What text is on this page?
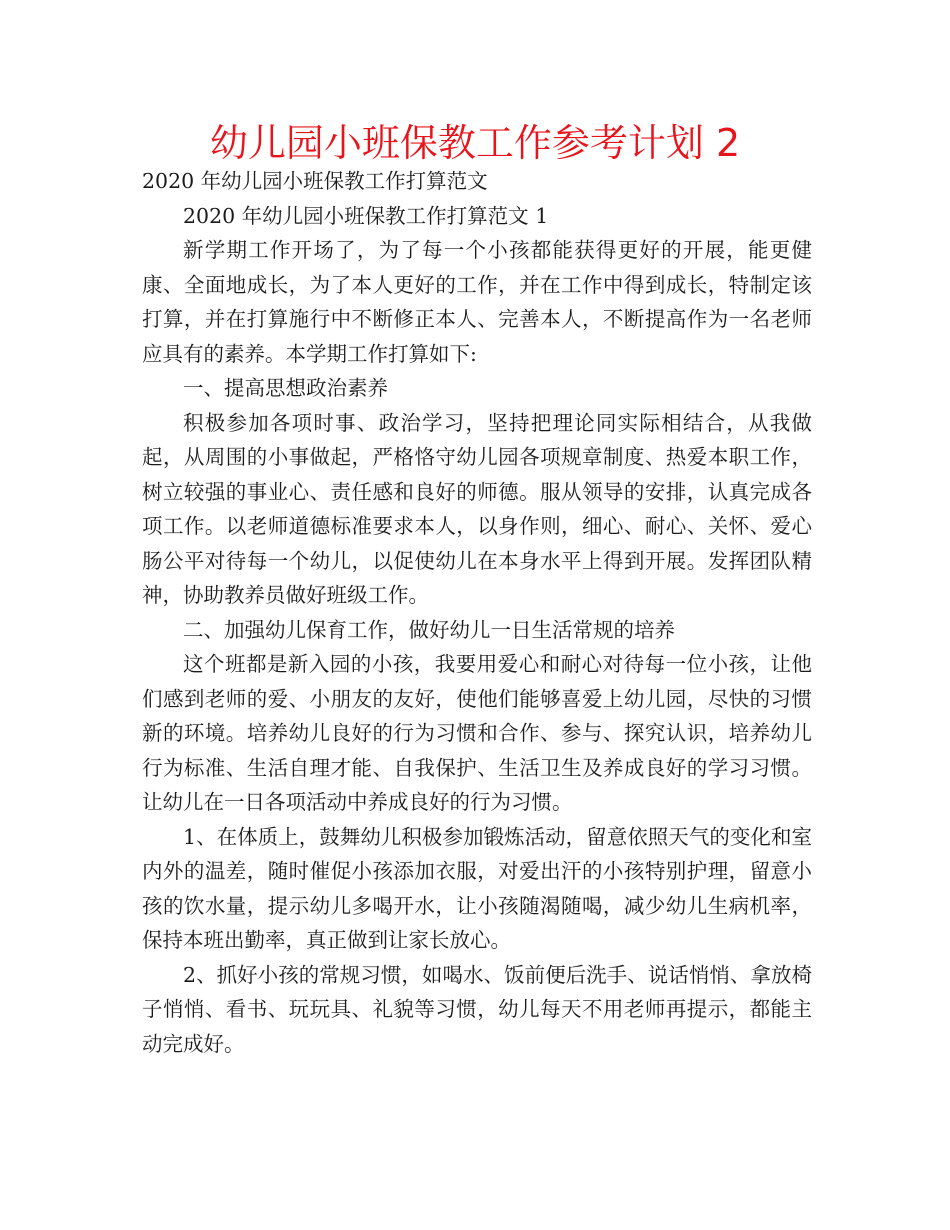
幼儿园小班保教工作参考计划 2

2020 年幼儿园小班保教工作打算范文

2020 年幼儿园小班保教工作打算范文 1

新学期工作开场了，为了每一个小孩都能获得更好的开展，能更健康、全面地成长，为了本人更好的工作，并在工作中得到成长，特制定该打算，并在打算施行中不断修正本人、完善本人，不断提高作为一名老师应具有的素养。本学期工作打算如下:

一、提高思想政治素养

积极参加各项时事、政治学习，坚持把理论同实际相结合，从我做起，从周围的小事做起，严格恪守幼儿园各项规章制度、热爱本职工作，树立较强的事业心、责任感和良好的师德。服从领导的安排，认真完成各项工作。以老师道德标准要求本人，以身作则，细心、耐心、关怀、爱心肠公平对待每一个幼儿，以促使幼儿在本身水平上得到开展。发挥团队精神，协助教养员做好班级工作。

二、加强幼儿保育工作，做好幼儿一日生活常规的培养

这个班都是新入园的小孩，我要用爱心和耐心对待每一位小孩，让他们感到老师的爱、小朋友的友好，使他们能够喜爱上幼儿园，尽快的习惯新的环境。培养幼儿良好的行为习惯和合作、参与、探究认识，培养幼儿行为标准、生活自理才能、自我保护、生活卫生及养成良好的学习习惯。让幼儿在一日各项活动中养成良好的行为习惯。

1、在体质上，鼓舞幼儿积极参加锻炼活动，留意依照天气的变化和室内外的温差，随时催促小孩添加衣服，对爱出汗的小孩特别护理，留意小孩的饮水量，提示幼儿多喝开水，让小孩随渴随喝，减少幼儿生病机率，保持本班出勤率，真正做到让家长放心。

2、抓好小孩的常规习惯，如喝水、饭前便后洗手、说话悄悄、拿放椅子悄悄、看书、玩玩具、礼貌等习惯，幼儿每天不用老师再提示，都能主动完成好。
